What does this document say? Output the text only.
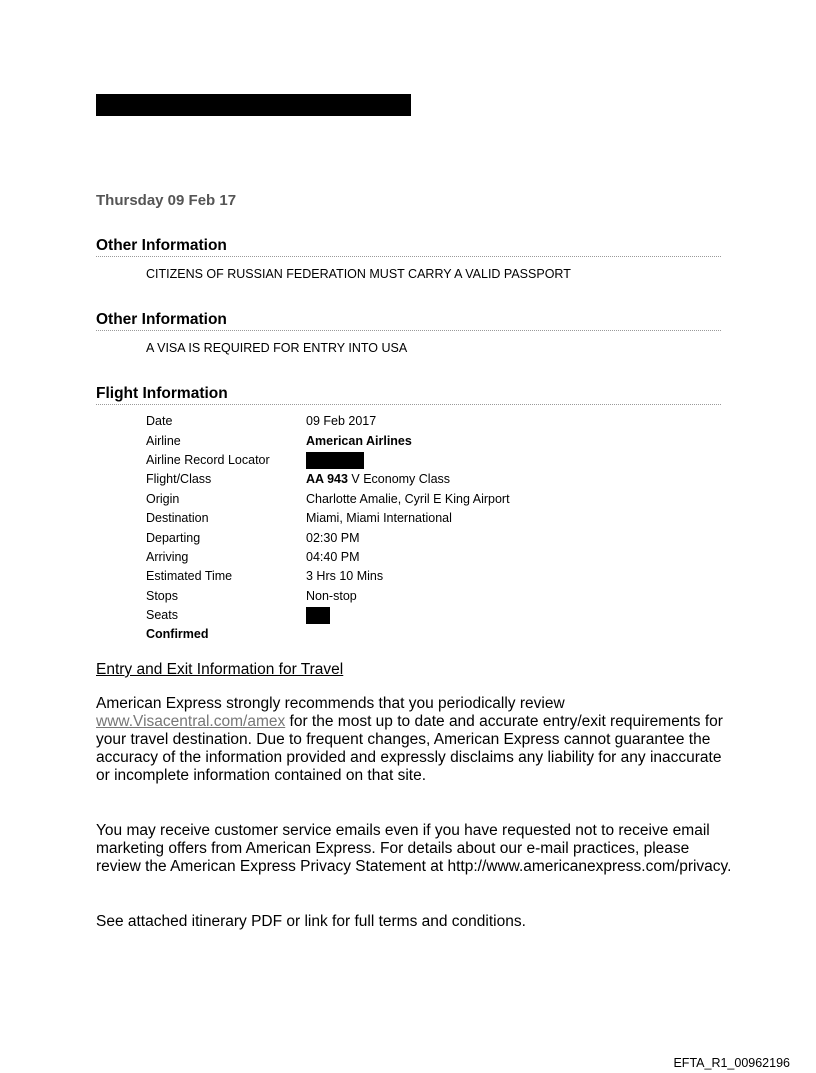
Thursday 09 Feb 17
Other Information
CITIZENS OF RUSSIAN FEDERATION MUST CARRY A VALID PASSPORT
Other Information
A VISA IS REQUIRED FOR ENTRY INTO USA
Flight Information
Date	09 Feb 2017
Airline	American Airlines
Airline Record Locator	
Flight/Class	AA 943 V Economy Class
Origin	Charlotte Amalie, Cyril E King Airport
Destination	Miami, Miami International
Departing	02:30 PM
Arriving	04:40 PM
Estimated Time	3 Hrs 10 Mins
Stops	Non-stop
Seats	
Confirmed	
Entry and Exit Information for Travel
American Express strongly recommends that you periodically review www.Visacentral.com/amex for the most up to date and accurate entry/exit requirements for your travel destination. Due to frequent changes, American Express cannot guarantee the accuracy of the information provided and expressly disclaims any liability for any inaccurate or incomplete information contained on that site.
You may receive customer service emails even if you have requested not to receive email marketing offers from American Express. For details about our e-mail practices, please review the American Express Privacy Statement at http://www.americanexpress.com/privacy.
See attached itinerary PDF or link for full terms and conditions.
EFTA_R1_00962196
